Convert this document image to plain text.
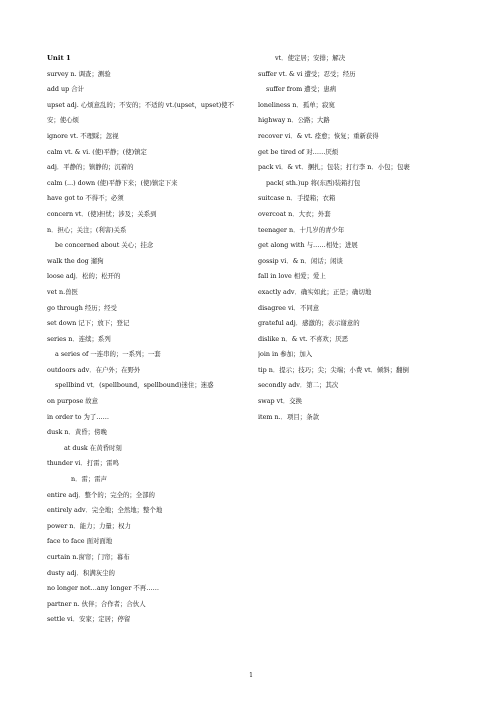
Unit 1
survey n. 调查；测验
add up 合计
upset adj. 心烦意乱的；不安的；不适的 vt.(upset，upset)使不安；使心烦
ignore vt. 不理睬；忽视
calm vt. & vi. (使)平静；(使)镇定
adj．平静的；镇静的；沉着的
calm (...) down (使)平静下来；(使)镇定下来
have got to 不得不；必须
concern vt．(使)担忧；涉及；关系到
n．担心；关注；(利害)关系
be concerned about 关心；挂念
walk the dog 遛狗
loose adj．松的；松开的
vet n.兽医
go through 经历；经受
set down 记下；放下；登记
series n．连续；系列
a series of 一连串的；一系列；一套
outdoors adv．在户外；在野外
spellbind vt．(spellbound，spellbound)迷住；迷惑
on purpose 故意
in order to 为了……
dusk n．黄昏；傍晚
at dusk 在黄昏时刻
thunder vi．打雷；雷鸣
n．雷；雷声
entire adj．整个的；完全的；全部的
entirely adv．完全地；全然地；整个地
power n．能力；力量；权力
face to face 面对面地
curtain n.窗帘；门帘；幕布
dusty adj．积满灰尘的
no longer not…any longer 不再……
partner n. 伙伴；合作者；合伙人
settle vi．安家；定居；停留
vt．使定居；安排；解决
suffer vt. & vi 遭受；忍受；经历
suffer from 遭受；患病
loneliness n．孤单；寂寞
highway n．公路；大路
recover vi．& vt. 痊愈；恢复；重新获得
get be tired of 对……厌烦
pack vi．& vt．捆扎；包装；打行李 n．小包；包裹
pack( sth.)up 将(东西)装箱打包
suitcase n．手提箱；衣箱
overcoat n．大衣；外套
teenager n．十几岁的青少年
get along with 与……相处；进展
gossip vi．& n．闲话；闲谈
fall in love 相爱；爱上
exactly adv．确实如此；正是；确切地
disagree vi．不同意
grateful adj．感激的；表示谢意的
dislike n．& vt. 不喜欢；厌恶
join in 参加；加入
tip n．提示；技巧；尖；尖端；小费 vt．倾斜；翻倒
secondly adv．第二；其次
swap vt．交换
item n.．项目；条款
1
